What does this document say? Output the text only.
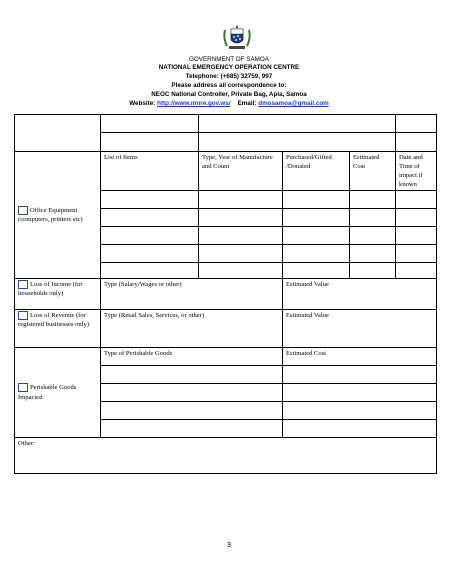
GOVERNMENT OF SAMOA
NATIONAL EMERGENCY OPERATION CENTRE
Telephone: (+685) 32759, 997
Please address all correspondence to:
NEOC National Controller, Private Bag, Apia, Samoa
Website: http://www.mnre.gov.ws/ Email: dmosamoa@gmail.com

Office Equipment (computers, printers etc)	List of Items	Type, Year of Manufacture and Count	Purchased/Gifted /Donated	Estimated Cost	Date and Time of impact if known

Loss of Income (for households only)	Type (Salary/Wages or other)		Estimated Value		
Loss of Revenue (for registered businesses only)	Type (Retail Sales, Services, or other)		Estimated Value		
Perishable Goods Impacted	Type of Perishable Goods		Estimated Cost		

Other:					
3
